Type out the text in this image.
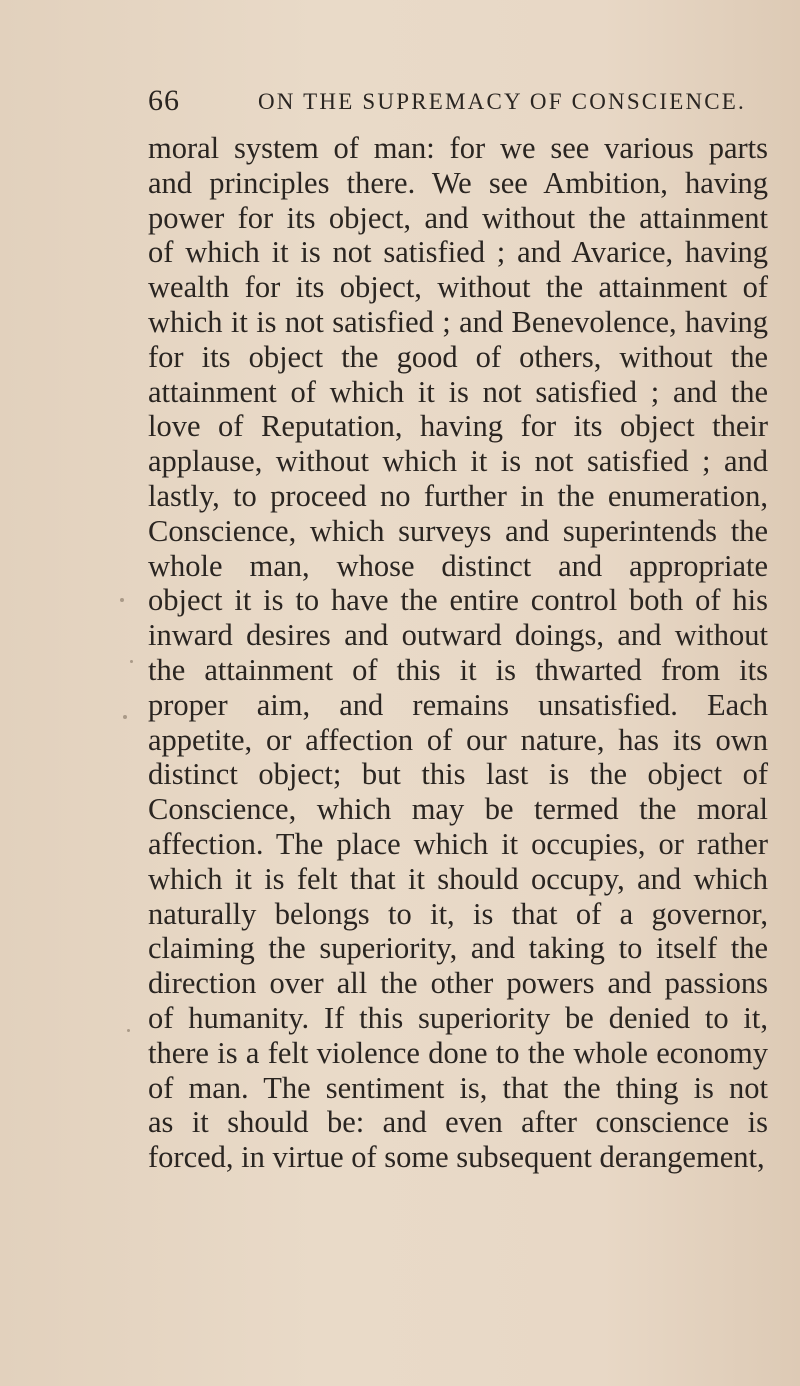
66	ON THE SUPREMACY OF CONSCIENCE.
moral system of man: for we see various parts
and principles there. We see Ambition, having
power for its object, and without the attainment
of which it is not satisfied ; and Avarice, having
wealth for its object, without the attainment of
which it is not satisfied ; and Benevolence, having
for its object the good of others, without the
attainment of which it is not satisfied ; and the
love of Reputation, having for its object their
applause, without which it is not satisfied ; and
lastly, to proceed no further in the enumeration,
Conscience, which surveys and superintends the
whole man, whose distinct and appropriate
object it is to have the entire control both of his
inward desires and outward doings, and without
the attainment of this it is thwarted from its
proper aim, and remains unsatisfied. Each
appetite, or affection of our nature, has its own
distinct object; but this last is the object of
Conscience, which may be termed the moral
affection. The place which it occupies, or rather
which it is felt that it should occupy, and which
naturally belongs to it, is that of a governor,
claiming the superiority, and taking to itself the
direction over all the other powers and passions
of humanity. If this superiority be denied to it,
there is a felt violence done to the whole economy
of man. The sentiment is, that the thing is not
as it should be: and even after conscience is
forced, in virtue of some subsequent derangement,
